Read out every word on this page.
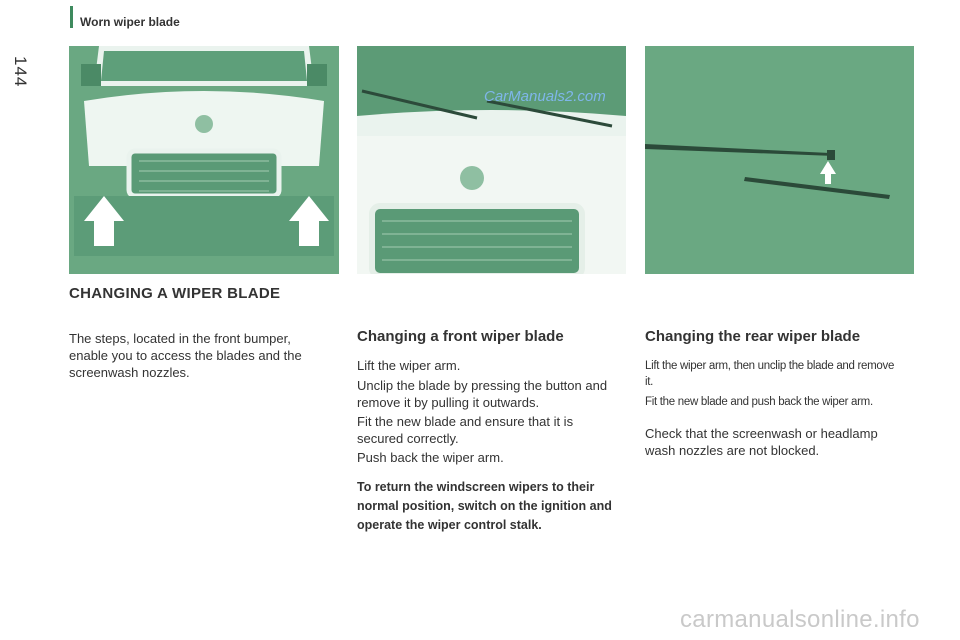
Worn wiper blade
144
CarManuals2.com
CHANGING A WIPER BLADE
The steps, located in the front bumper, enable you to access the blades and the screenwash nozzles.
Changing a front wiper blade
Lift the wiper arm.
Unclip the blade by pressing the button and remove it by pulling it outwards.
Fit the new blade and ensure that it is secured correctly.
Push back the wiper arm.
To return the windscreen wipers to their normal position, switch on the ignition and operate the wiper control stalk.
Changing the rear wiper blade
Lift the wiper arm, then unclip the blade and remove it.
Fit the new blade and push back the wiper arm.
Check that the screenwash or headlamp wash nozzles are not blocked.
carmanualsonline.info
